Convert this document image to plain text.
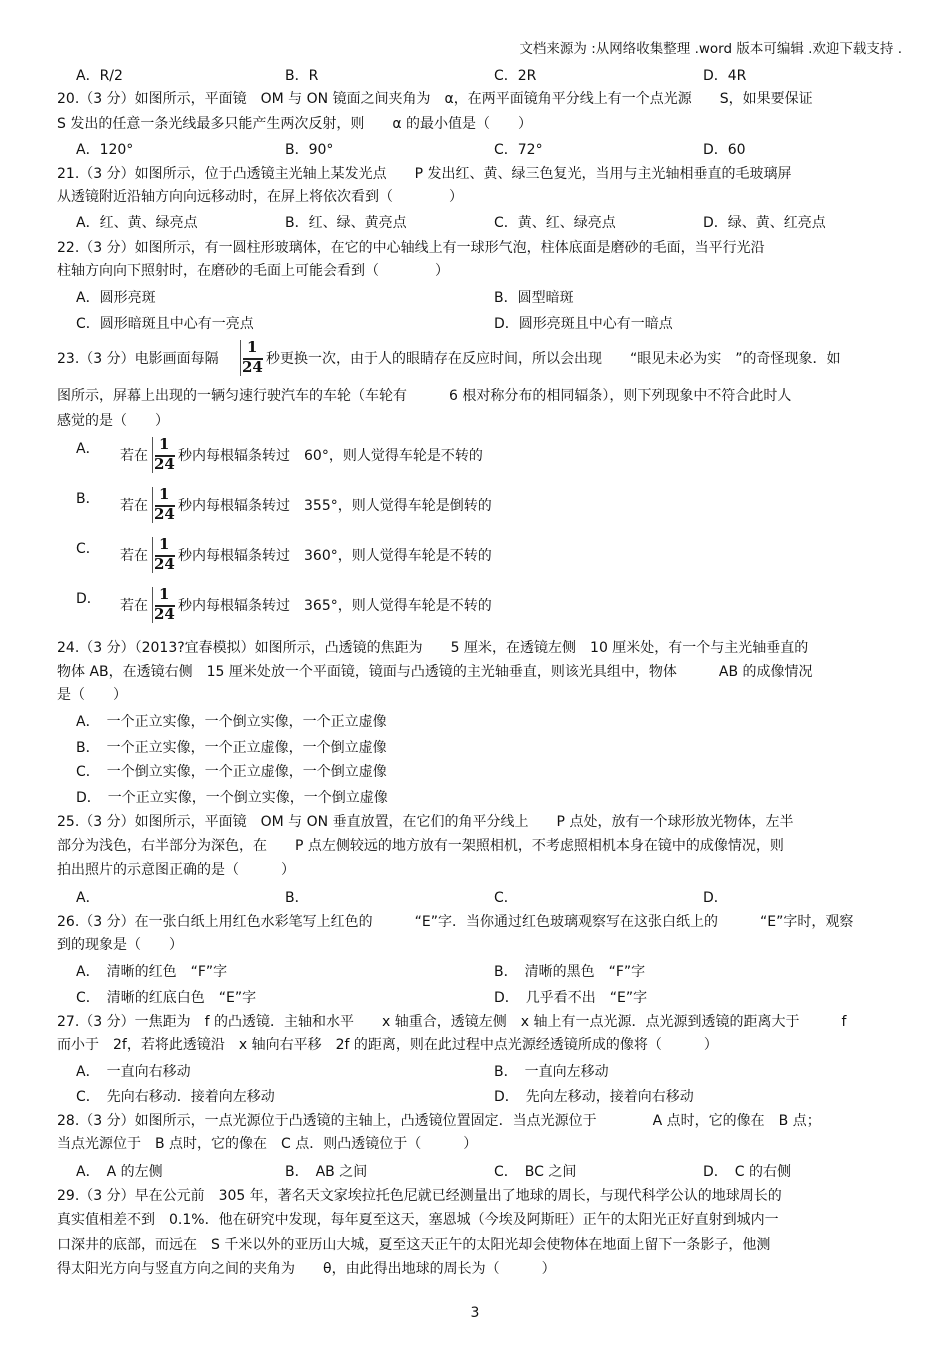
文档来源为 :从网络收集整理 .word 版本可编辑 .欢迎下载支持 .
A．R/2	B．R	C．2R	D．4R
20.（3 分）如图所示，平面镜　OM 与 ON 镜面之间夹角为　α，在两平面镜角平分线上有一个点光源　　S，如果要保证
S 发出的任意一条光线最多只能产生两次反射，则　　α 的最小值是（　　）
A．120°	B．90°	C．72°	D．60
21.（3 分）如图所示，位于凸透镜主光轴上某发光点　　P 发出红、黄、绿三色复光，当用与主光轴相垂直的毛玻璃屏
从透镜附近沿轴方向向远移动时，在屏上将依次看到（　　　　）
A．红、黄、绿亮点	B．红、绿、黄亮点	C．黄、红、绿亮点	D．绿、黄、红亮点
22.（3 分）如图所示，有一圆柱形玻璃体，在它的中心轴线上有一球形气泡，柱体底面是磨砂的毛面，当平行光沿
柱轴方向向下照射时，在磨砂的毛面上可能会看到（　　　　）
A．圆形亮斑	B．圆型暗斑
C．圆形暗斑且中心有一亮点	D．圆形亮斑且中心有一暗点
23.（3 分）电影画面每隔
1
24 秒更换一次，由于人的眼睛存在反应时间，所以会出现　　“眼见未必为实　”的奇怪现象．如
图所示，屏幕上出现的一辆匀速行驶汽车的车轮（车轮有　　　6 根对称分布的相同辐条），则下列现象中不符合此时人
感觉的是（　　）
A． 若在
1
24 秒内每根辐条转过　60°，则人觉得车轮是不转的
B． 若在
1
24 秒内每根辐条转过　355°，则人觉得车轮是倒转的
C． 若在
1
24 秒内每根辐条转过　360°，则人觉得车轮是不转的
D． 若在
1
24 秒内每根辐条转过　365°，则人觉得车轮是不转的
24.（3 分）（2013?宜春模拟）如图所示，凸透镜的焦距为　　5 厘米，在透镜左侧　10 厘米处，有一个与主光轴垂直的
物体 AB，在透镜右侧　15 厘米处放一个平面镜，镜面与凸透镜的主光轴垂直，则该光具组中，物体　　　AB 的成像情况
是（　　）
A．　一个正立实像，一个倒立实像，一个正立虚像
B．　一个正立实像，一个正立虚像，一个倒立虚像
C．　一个倒立实像，一个正立虚像，一个倒立虚像
D．　一个正立实像，一个倒立实像，一个倒立虚像
25.（3 分）如图所示，平面镜　OM 与 ON 垂直放置，在它们的角平分线上　　P 点处，放有一个球形放光物体，左半
部分为浅色，右半部分为深色，在　　P 点左侧较远的地方放有一架照相机，不考虑照相机本身在镜中的成像情况，则
拍出照片的示意图正确的是（　　　）
A．	B．	C．	D．
26.（3 分）在一张白纸上用红色水彩笔写上红色的　　　“E”字．当你通过红色玻璃观察写在这张白纸上的　　　“E”字时，观察
到的现象是（　　）
A．　清晰的红色　“F”字	B．　清晰的黑色　“F”字
C．　清晰的红底白色　“E”字	D．　几乎看不出　“E”字
27.（3 分）一焦距为　f 的凸透镜．主轴和水平　　x 轴重合，透镜左侧　x 轴上有一点光源．点光源到透镜的距离大于　　　f
而小于　2f，若将此透镜沿　x 轴向右平移　2f 的距离，则在此过程中点光源经透镜所成的像将（　　　）
A．　一直向右移动	B．　一直向左移动
C．　先向右移动．接着向左移动	D．　先向左移动，接着向右移动
28.（3 分）如图所示，一点光源位于凸透镜的主轴上，凸透镜位置固定．当点光源位于　　　　A 点时，它的像在　B 点；
当点光源位于　B 点时，它的像在　C 点．则凸透镜位于（　　　）
A．　A 的左侧	B．　AB 之间	C．　BC 之间	D．　C 的右侧
29.（3 分）早在公元前　305 年，著名天文家埃拉托色尼就已经测量出了地球的周长，与现代科学公认的地球周长的
真实值相差不到　0.1%．他在研究中发现，每年夏至这天，塞恩城（今埃及阿斯旺）正午的太阳光正好直射到城内一
口深井的底部，而远在　S 千米以外的亚历山大城，夏至这天正午的太阳光却会使物体在地面上留下一条影子，他测
得太阳光方向与竖直方向之间的夹角为　　θ，由此得出地球的周长为（　　　）
3
